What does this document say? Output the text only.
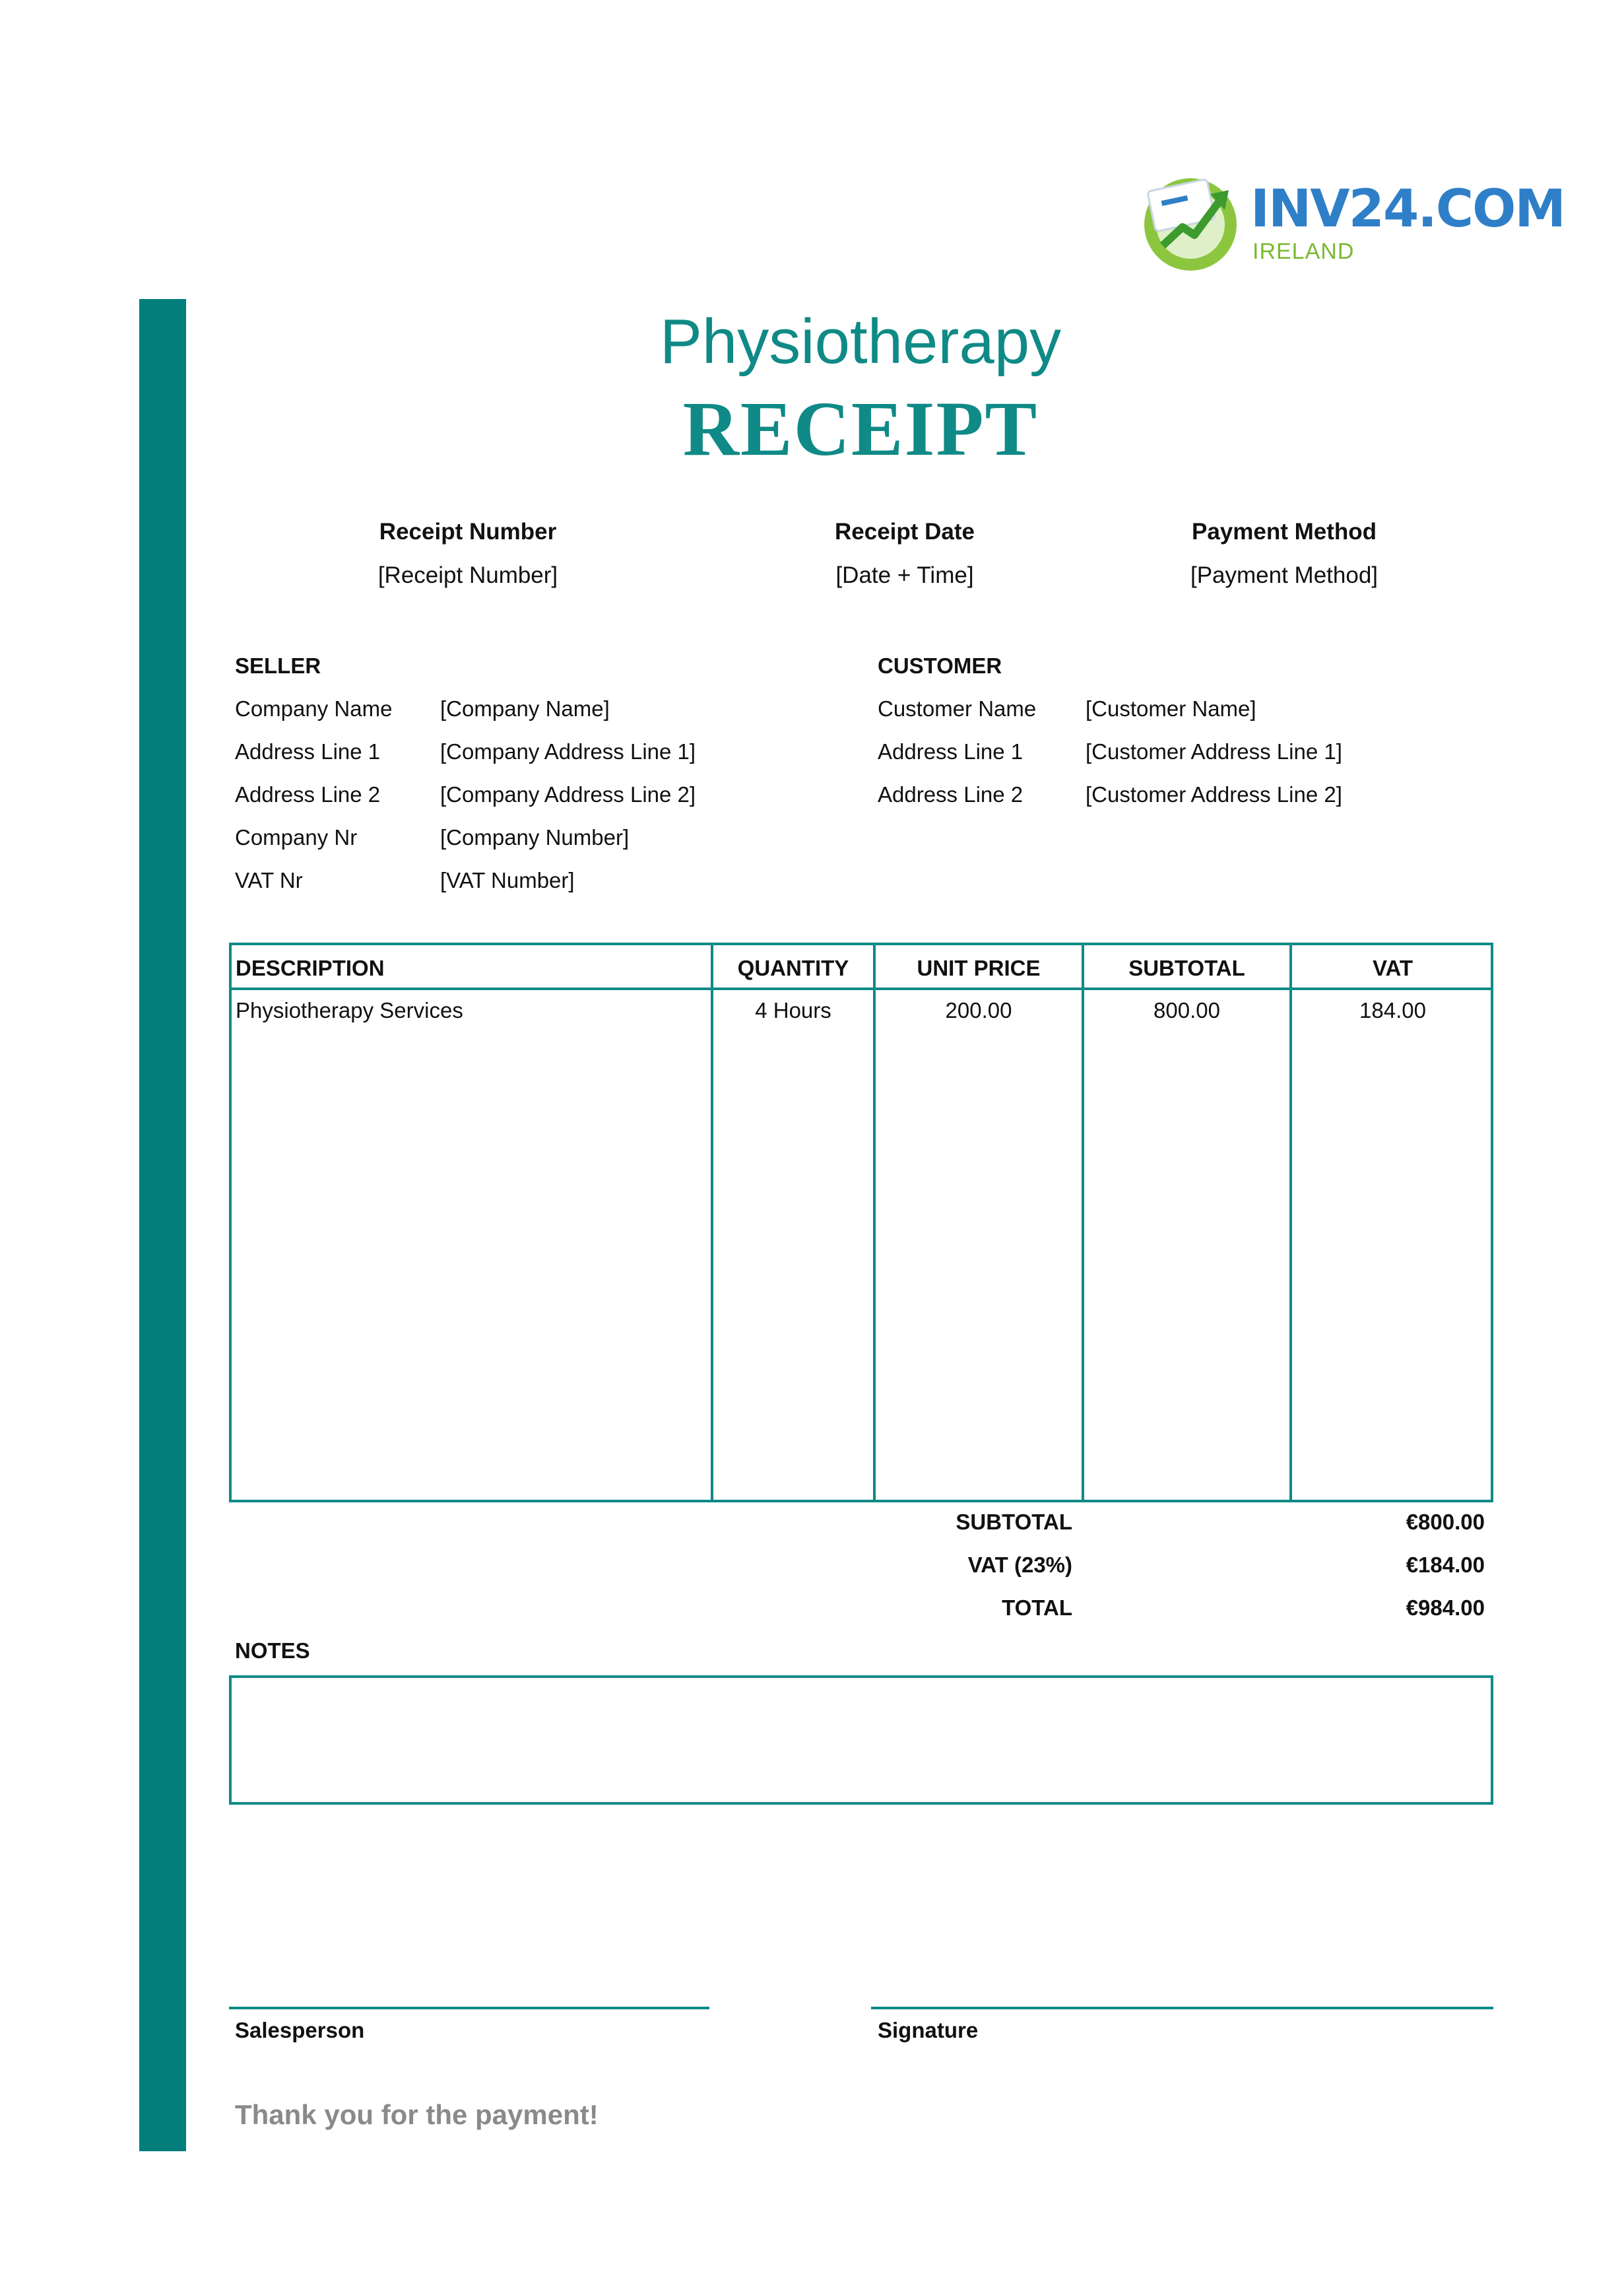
INV24.COM
IRELAND
Physiotherapy
RECEIPT
Receipt Number
[Receipt Number]
Receipt Date
[Date + Time]
Payment Method
[Payment Method]
SELLER
Company Name [Company Name]
Address Line 1	[Company Address Line 1]
Address Line 2	[Company Address Line 2]
Company Nr	[Company Number]
VAT Nr	[VAT Number]
CUSTOMER
Customer Name [Customer Name]
Address Line 1	[Customer Address Line 1]
Address Line 2	[Customer Address Line 2]
DESCRIPTION	QUANTITY	UNIT PRICE	SUBTOTAL	VAT
Physiotherapy Services	4 Hours	200.00	800.00	184.00
SUBTOTAL	€800.00
VAT (23%)	€184.00
TOTAL	€984.00
NOTES
Salesperson	Signature
Thank you for the payment!
